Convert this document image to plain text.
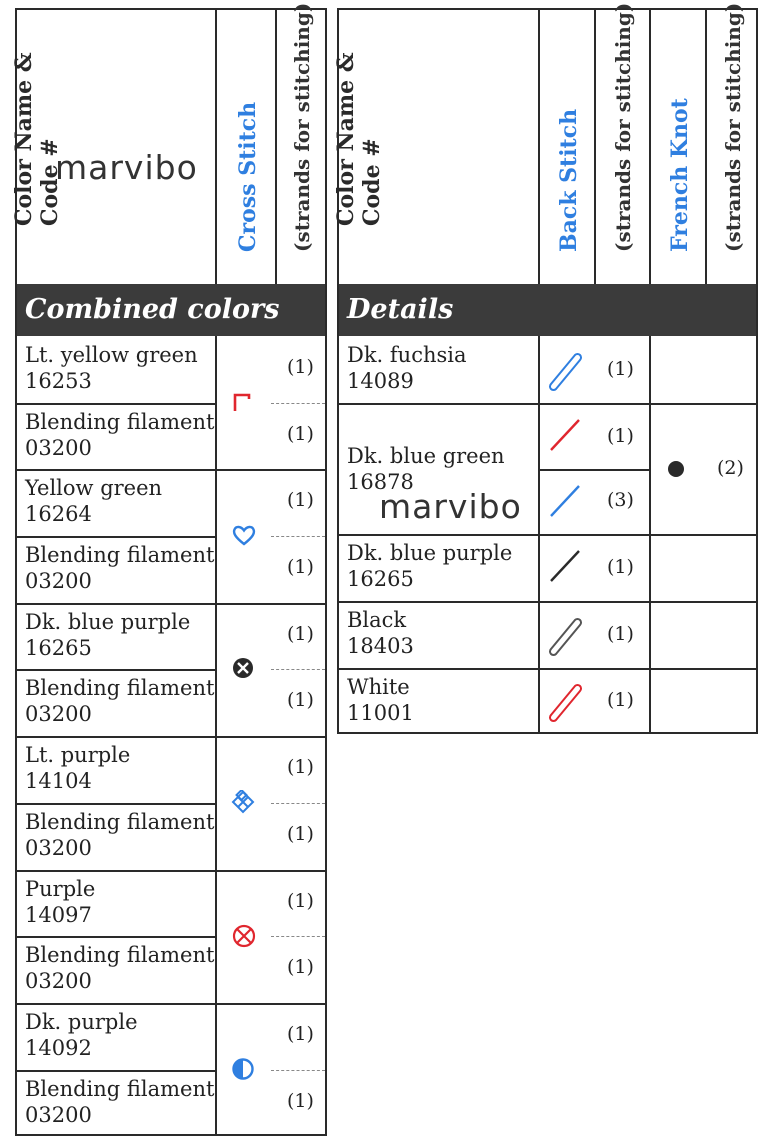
Color Name & Code #
marvibo Cross Stitch (strands for stitching)
Combined colors
Lt. yellow green
16253
Blending filament
03200
(1)
(1)
Yellow green
16264
Blending filament
03200
(1)
(1)
Dk. blue purple
16265
Blending filament
03200
(1)
(1)
Lt. purple
14104
Blending filament
03200
(1)
(1)
Purple
14097
Blending filament
03200
(1)
(1)
Dk. purple
14092
Blending filament
03200
(1)
(1)
Color Name & Code #	Back Stitch (strands for stitching) French Knot (strands for stitching)
Details
Dk. fuchsia
14089
(1)
Dk. blue green
16878
(1)
(3)
(2)
marvibo
Dk. blue purple
16265
(1)
Black
18403
(1)
White
11001
(1)
